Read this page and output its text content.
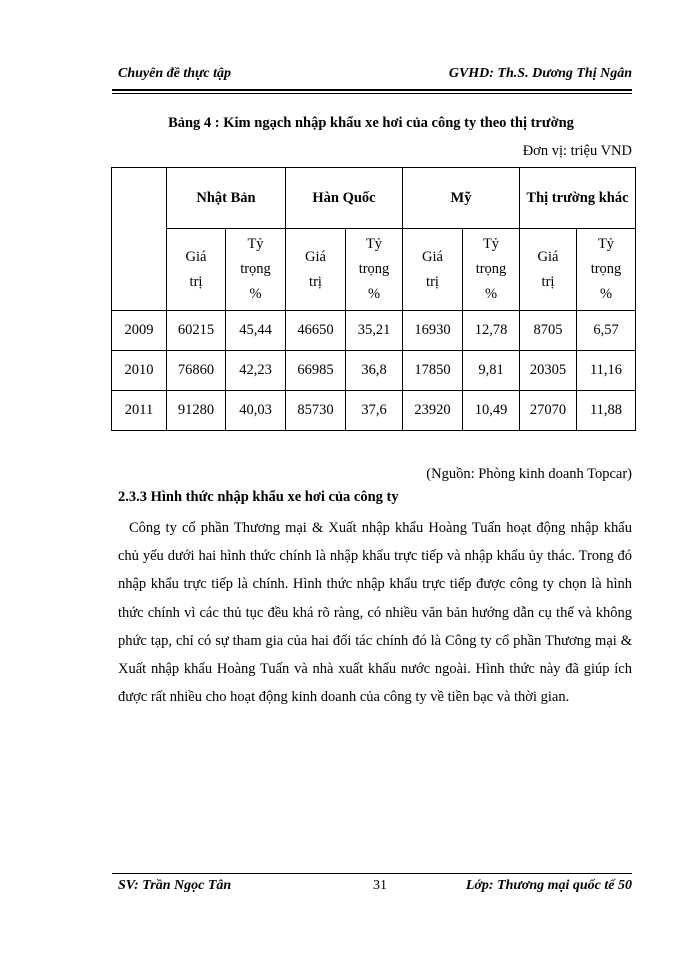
Chuyên đề thực tập	GVHD: Th.S. Dương Thị Ngân
Bảng 4 : Kim ngạch nhập khẩu xe hơi của công ty theo thị trường
Đơn vị: triệu VND
	Nhật Bản		Hàn Quốc		Mỹ		Thị trường khác	
	Giá
trị	Tỷ
trọng
%	Giá
trị	Tỷ
trọng
%	Giá
trị	Tỷ
trọng
%	Giá
trị	Tỷ
trọng
%
2009	60215	45,44	46650	35,21	16930	12,78	8705	6,57
2010	76860	42,23	66985	36,8	17850	9,81	20305	11,16
2011	91280	40,03	85730	37,6	23920	10,49	27070	11,88
(Nguồn: Phòng kinh doanh Topcar)
2.3.3 Hình thức nhập khẩu xe hơi của công ty

Công ty cổ phần Thương mại & Xuất nhập khẩu Hoàng Tuấn hoạt động nhập khẩu chủ yếu dưới hai hình thức chính là nhập khẩu trực tiếp và nhập khẩu ủy thác. Trong đó nhập khẩu trực tiếp là chính. Hình thức nhập khẩu trực tiếp được công ty chọn là hình thức chính vì các thủ tục đều khá rõ ràng, có nhiều văn bản hướng dẫn cụ thể và không phức tạp, chỉ có sự tham gia của hai đối tác chính đó là Công ty cổ phần Thương mại & Xuất nhập khẩu Hoàng Tuấn và nhà xuất khẩu nước ngoài. Hình thức này đã giúp ích được rất nhiều cho hoạt động kinh doanh của công ty về tiền bạc và thời gian.

SV: Trần Ngọc Tân	31	Lớp: Thương mại quốc tế 50
